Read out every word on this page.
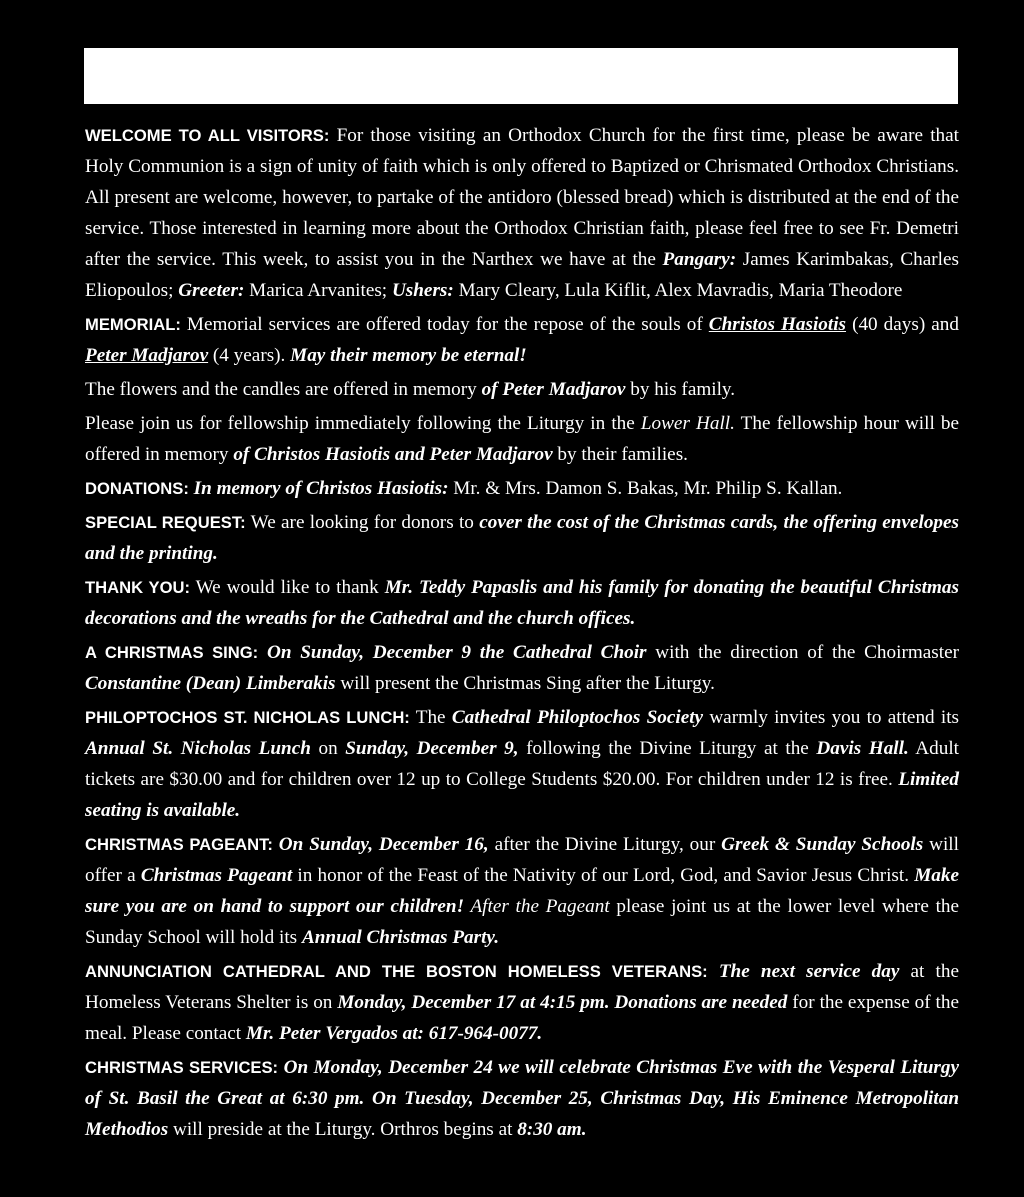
WELCOME TO ALL VISITORS: For those visiting an Orthodox Church for the first time, please be aware that Holy Communion is a sign of unity of faith which is only offered to Baptized or Chrismated Orthodox Christians. All present are welcome, however, to partake of the antidoro (blessed bread) which is distributed at the end of the service. Those interested in learning more about the Orthodox Christian faith, please feel free to see Fr. Demetri after the service. This week, to assist you in the Narthex we have at the Pangary: James Karimbakas, Charles Eliopoulos; Greeter: Marica Arvanites; Ushers: Mary Cleary, Lula Kiflit, Alex Mavradis, Maria Theodore

MEMORIAL: Memorial services are offered today for the repose of the souls of Christos Hasiotis (40 days) and Peter Madjarov (4 years). May their memory be eternal!

The flowers and the candles are offered in memory of Peter Madjarov by his family.

Please join us for fellowship immediately following the Liturgy in the Lower Hall. The fellowship hour will be offered in memory of Christos Hasiotis and Peter Madjarov by their families.

DONATIONS: In memory of Christos Hasiotis: Mr. & Mrs. Damon S. Bakas, Mr. Philip S. Kallan.

SPECIAL REQUEST: We are looking for donors to cover the cost of the Christmas cards, the offering envelopes and the printing.

THANK YOU: We would like to thank Mr. Teddy Papaslis and his family for donating the beautiful Christmas decorations and the wreaths for the Cathedral and the church offices.

A CHRISTMAS SING: On Sunday, December 9 the Cathedral Choir with the direction of the Choirmaster Constantine (Dean) Limberakis will present the Christmas Sing after the Liturgy.

PHILOPTOCHOS ST. NICHOLAS LUNCH: The Cathedral Philoptochos Society warmly invites you to attend its Annual St. Nicholas Lunch on Sunday, December 9, following the Divine Liturgy at the Davis Hall. Adult tickets are $30.00 and for children over 12 up to College Students $20.00. For children under 12 is free. Limited seating is available.

CHRISTMAS PAGEANT: On Sunday, December 16, after the Divine Liturgy, our Greek & Sunday Schools will offer a Christmas Pageant in honor of the Feast of the Nativity of our Lord, God, and Savior Jesus Christ. Make sure you are on hand to support our children! After the Pageant please joint us at the lower level where the Sunday School will hold its Annual Christmas Party.

ANNUNCIATION CATHEDRAL AND THE BOSTON HOMELESS VETERANS: The next service day at the Homeless Veterans Shelter is on Monday, December 17 at 4:15 pm. Donations are needed for the expense of the meal. Please contact Mr. Peter Vergados at: 617-964-0077.

CHRISTMAS SERVICES: On Monday, December 24 we will celebrate Christmas Eve with the Vesperal Liturgy of St. Basil the Great at 6:30 pm. On Tuesday, December 25, Christmas Day, His Eminence Metropolitan Methodios will preside at the Liturgy. Orthros begins at 8:30 am.
